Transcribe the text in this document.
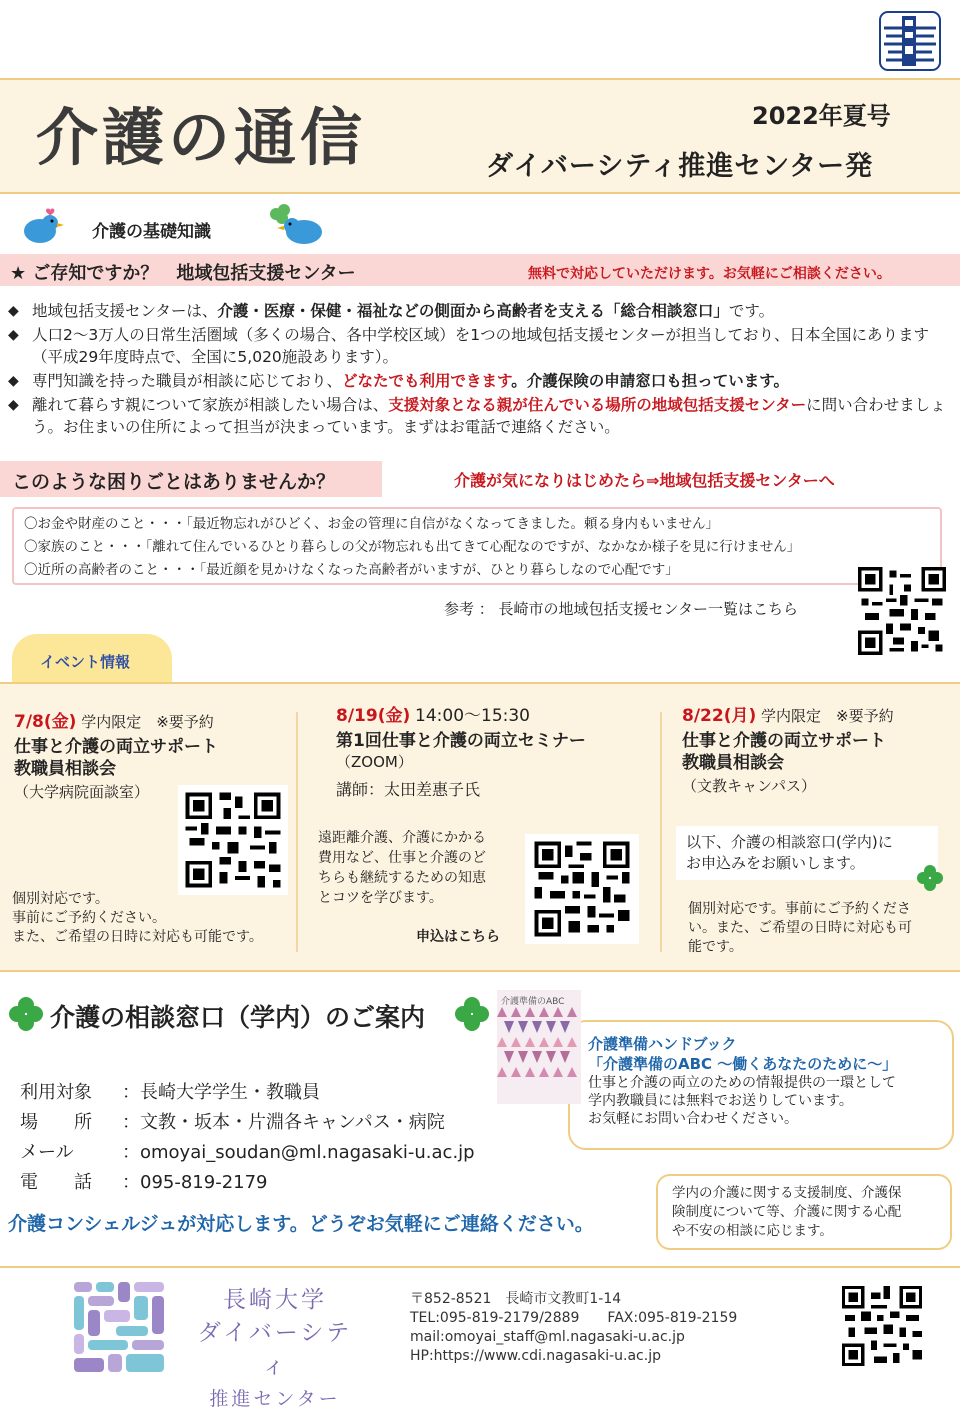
介護の通信	2022年夏号
ダイバーシティ推進センター発
介護の基礎知識
★ ご存知ですか？　地域包括支援センター	無料で対応していただけます。お気軽にご相談ください。
◆ 地域包括支援センターは、介護・医療・保健・福祉などの側面から高齢者を支える「総合相談窓口」です。
◆ 人口2～3万人の日常生活圏域（多くの場合、各中学校区域）を1つの地域包括支援センターが担当しており、日本全国にあります（平成29年度時点で、全国に5,020施設あります）。
◆ 専門知識を持った職員が相談に応じており、どなたでも利用できます。介護保険の申請窓口も担っています。
◆ 離れて暮らす親について家族が相談したい場合は、支援対象となる親が住んでいる場所の地域包括支援センターに問い合わせましょう。お住まいの住所によって担当が決まっています。まずはお電話で連絡ください。
このような困りごとはありませんか？	介護が気になりはじめたら⇒地域包括支援センターへ
〇お金や財産のこと・・・「最近物忘れがひどく、お金の管理に自信がなくなってきました。頼る身内もいません」
〇家族のこと・・・「離れて住んでいるひとり暮らしの父が物忘れも出てきて心配なのですが、なかなか様子を見に行けません」
〇近所の高齢者のこと・・・「最近顔を見かけなくなった高齢者がいますが、ひとり暮らしなので心配です」
参考 ： 長崎市の地域包括支援センター一覧はこちら
イベント情報
7/8(金) 学内限定　※要予約
仕事と介護の両立サポート
教職員相談会
（大学病院面談室）
個別対応です。
事前にご予約ください。
また、ご希望の日時に対応も可能です。
8/19(金) 14:00～15:30
第1回仕事と介護の両立セミナー
（ZOOM）
講師：太田差惠子氏
遠距離介護、介護にかかる
費用など、仕事と介護のど
ちらも継続するための知恵
とコツを学びます。
申込はこちら
8/22(月) 学内限定　※要予約
仕事と介護の両立サポート
教職員相談会
（文教キャンパス）
以下、介護の相談窓口(学内)に
お申込みをお願いします。
個別対応です。事前にご予約くださ
い。また、ご希望の日時に対応も可
能です。
介護の相談窓口（学内）のご案内
利用対象 ：長崎大学学生・教職員
場　　所 ：文教・坂本・片淵各キャンパス・病院
メール	：omoyai_soudan@ml.nagasaki-u.ac.jp
電　　話 ：095-819-2179
介護コンシェルジュが対応します。どうぞお気軽にご連絡ください。
介護準備のABC
介護準備ハンドブック
「介護準備のABC ～働くあなたのために～」
仕事と介護の両立のための情報提供の一環として
学内教職員には無料でお送りしています。
お気軽にお問い合わせください。
学内の介護に関する支援制度、介護保
険制度について等、介護に関する心配
や不安の相談に応じます。
長崎大学
ダイバーシティ
推進センター
〒852-8521　長崎市文教町1-14
TEL:095-819-2179/2889　　FAX:095-819-2159
mail:omoyai_staff@ml.nagasaki-u.ac.jp
HP:https://www.cdi.nagasaki-u.ac.jp
